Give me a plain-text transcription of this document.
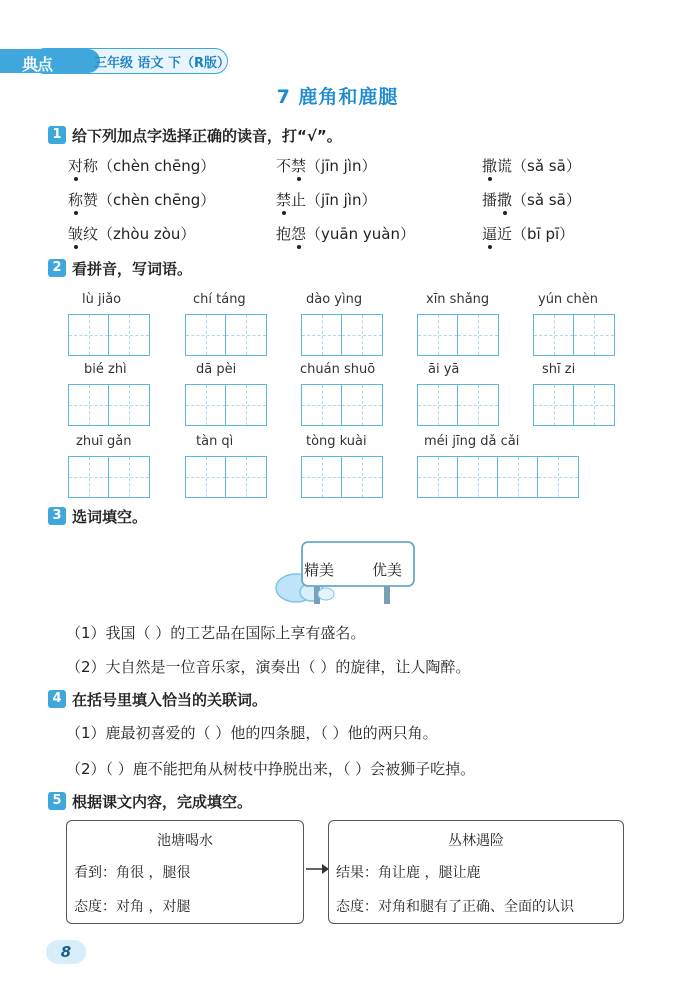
典点	三年级 语文 下（R版）
7 鹿角和鹿腿
1 给下列加点字选择正确的读音，打“√”。
对称（chèn chēng）	不禁（jīn jìn）	撒谎（sǎ sā）
称赞（chèn chēng）	禁止（jīn jìn）	播撒（sǎ sā）
皱纹（zhòu zòu）	抱怨（yuān yuàn）	逼近（bī pī）
2 看拼音，写词语。
lù jiǎo	chí táng	dào yìng	xīn shǎng	yún chèn
bié zhì	dā pèi	chuán shuō	āi yā	shī zi
zhuī gǎn	tàn qì	tòng kuài	méi jīng dǎ cǎi
3 选词填空。
精美	优美
（1）我国（ ）的工艺品在国际上享有盛名。
（2）大自然是一位音乐家，演奏出（ ）的旋律，让人陶醉。
4 在括号里填入恰当的关联词。
（1）鹿最初喜爱的（ ）他的四条腿，（ ）他的两只角。
（2）（ ）鹿不能把角从树枝中挣脱出来，（ ）会被狮子吃掉。
5 根据课文内容，完成填空。
池塘喝水
看到：角很 ，腿很
态度：对角 ，对腿
丛林遇险
结果：角让鹿 ，腿让鹿
态度：对角和腿有了正确、全面的认识
8
